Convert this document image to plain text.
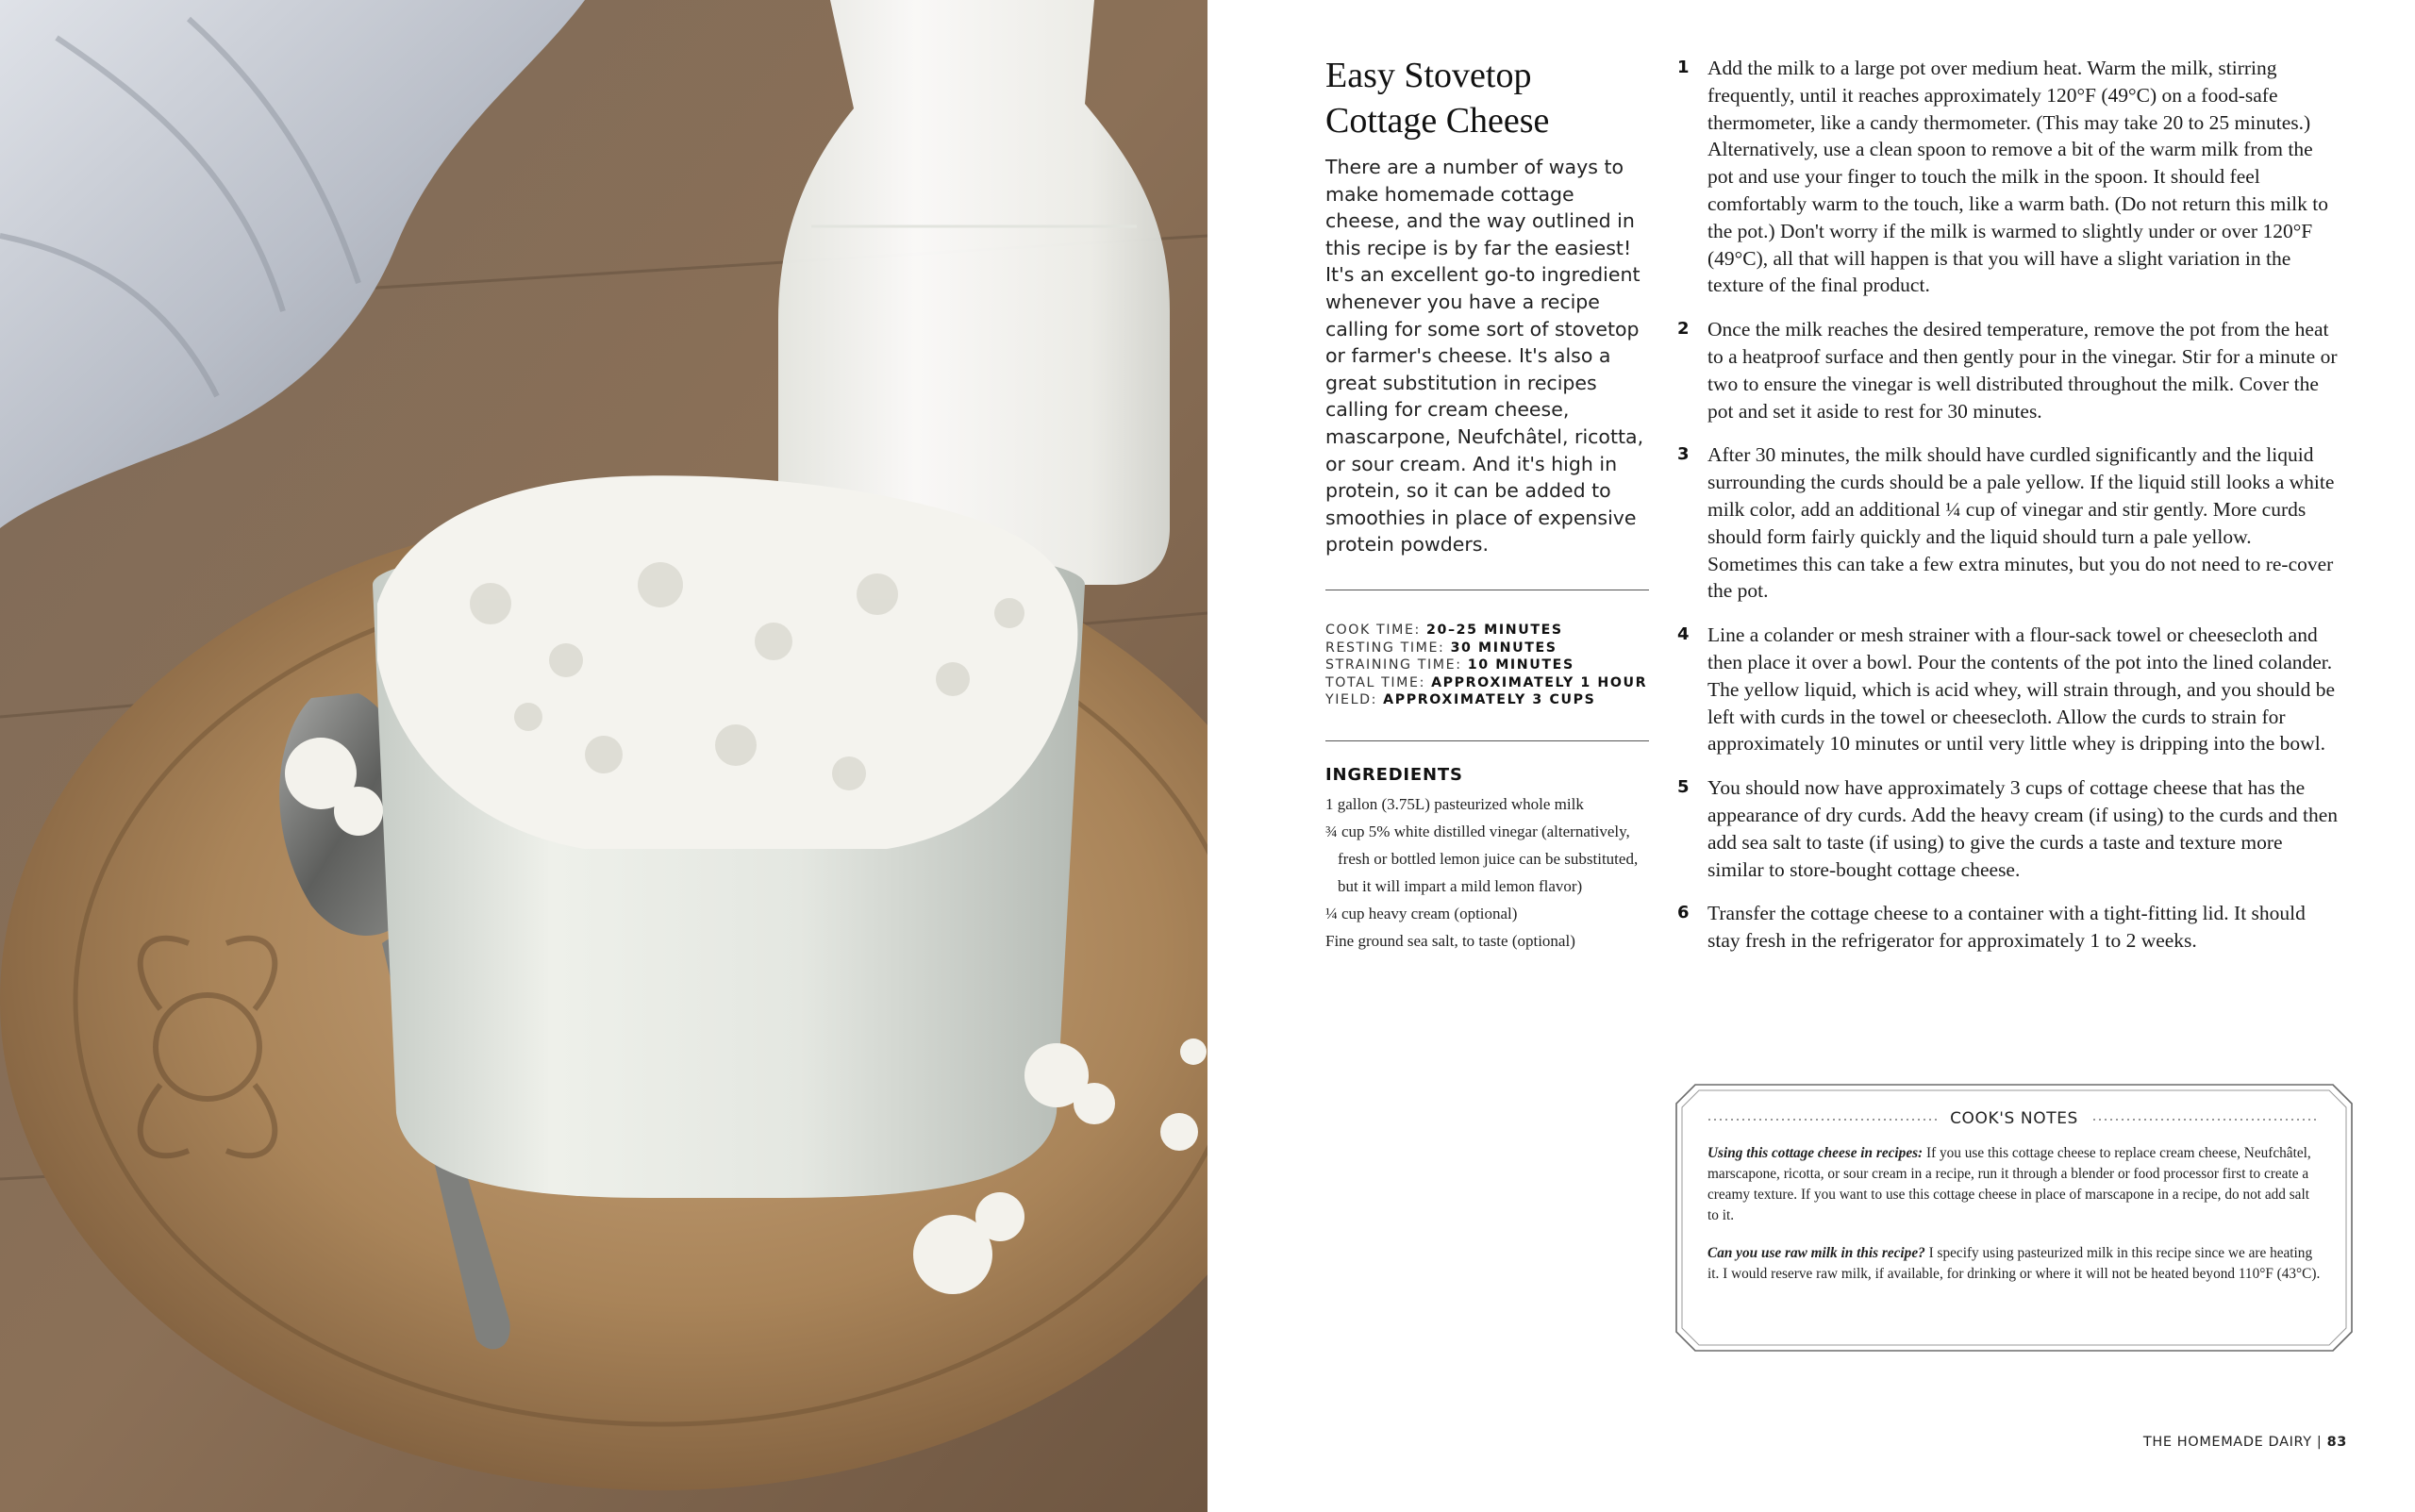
Easy Stovetop
Cottage Cheese
There are a number of ways to make homemade cottage cheese, and the way outlined in this recipe is by far the easiest! It's an excellent go-to ingredient whenever you have a recipe calling for some sort of stovetop or farmer's cheese. It's also a great substitution in recipes calling for cream cheese, mascarpone, Neufchâtel, ricotta, or sour cream. And it's high in protein, so it can be added to smoothies in place of expensive protein powders.
COOK TIME: 20–25 MINUTES
RESTING TIME: 30 MINUTES
STRAINING TIME: 10 MINUTES
TOTAL TIME: APPROXIMATELY 1 HOUR
YIELD: APPROXIMATELY 3 CUPS
INGREDIENTS
1 gallon (3.75L) pasteurized whole milk
¾ cup 5% white distilled vinegar (alternatively, fresh or bottled lemon juice can be substituted, but it will impart a mild lemon flavor)
¼ cup heavy cream (optional)
Fine ground sea salt, to taste (optional)
1 Add the milk to a large pot over medium heat. Warm the milk, stirring frequently, until it reaches approximately 120°F (49°C) on a food-safe thermometer, like a candy thermometer. (This may take 20 to 25 minutes.) Alternatively, use a clean spoon to remove a bit of the warm milk from the pot and use your finger to touch the milk in the spoon. It should feel comfortably warm to the touch, like a warm bath. (Do not return this milk to the pot.) Don't worry if the milk is warmed to slightly under or over 120°F (49°C), all that will happen is that you will have a slight variation in the texture of the final product.
2 Once the milk reaches the desired temperature, remove the pot from the heat to a heatproof surface and then gently pour in the vinegar. Stir for a minute or two to ensure the vinegar is well distributed throughout the milk. Cover the pot and set it aside to rest for 30 minutes.
3 After 30 minutes, the milk should have curdled significantly and the liquid surrounding the curds should be a pale yellow. If the liquid still looks a white milk color, add an additional ¼ cup of vinegar and stir gently. More curds should form fairly quickly and the liquid should turn a pale yellow. Sometimes this can take a few extra minutes, but you do not need to re-cover the pot.
4 Line a colander or mesh strainer with a flour-sack towel or cheesecloth and then place it over a bowl. Pour the contents of the pot into the lined colander. The yellow liquid, which is acid whey, will strain through, and you should be left with curds in the towel or cheesecloth. Allow the curds to strain for approximately 10 minutes or until very little whey is dripping into the bowl.
5 You should now have approximately 3 cups of cottage cheese that has the appearance of dry curds. Add the heavy cream (if using) to the curds and then add sea salt to taste (if using) to give the curds a taste and texture more similar to store-bought cottage cheese.
6 Transfer the cottage cheese to a container with a tight-fitting lid. It should stay fresh in the refrigerator for approximately 1 to 2 weeks.
COOK'S NOTES

Using this cottage cheese in recipes: If you use this cottage cheese to replace cream cheese, Neufchâtel, marscapone, ricotta, or sour cream in a recipe, run it through a blender or food processor first to create a creamy texture. If you want to use this cottage cheese in place of marscapone in a recipe, do not add salt to it.

Can you use raw milk in this recipe? I specify using pasteurized milk in this recipe since we are heating it. I would reserve raw milk, if available, for drinking or where it will not be heated beyond 110°F (43°C).

THE HOMEMADE DAIRY | 83
